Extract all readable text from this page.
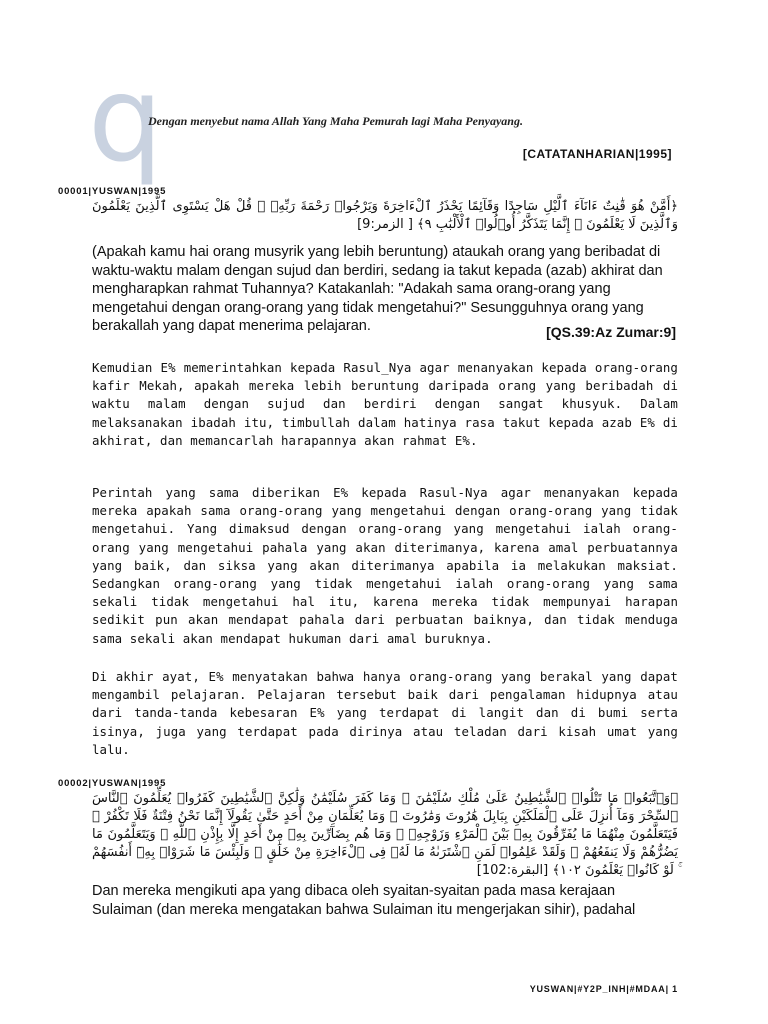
q
Dengan menyebut nama Allah Yang Maha Pemurah lagi Maha Penyayang.
[CATATANHARIAN|1995]
00001|YUSWAN|1995
﴿أَمَّنْ هُوَ قَٰنِتٌ ءَانَآءَ ٱلَّيْلِ سَاجِدًا وَقَآئِمًا يَحْذَرُ ٱلْءَاخِرَةَ وَيَرْجُوا۟ رَحْمَةَ رَبِّهِۦ ۗ قُلْ هَلْ يَسْتَوِى ٱلَّذِينَ يَعْلَمُونَ وَٱلَّذِينَ لَا يَعْلَمُونَ ۗ إِنَّمَا يَتَذَكَّرُ أُو۟لُوا۟ ٱلْأَلْبَٰبِ ٩﴾ [ الزمر:9]
(Apakah kamu hai orang musyrik yang lebih beruntung) ataukah orang yang beribadat di waktu-waktu malam dengan sujud dan berdiri, sedang ia takut kepada (azab) akhirat dan mengharapkan rahmat Tuhannya? Katakanlah: "Adakah sama orang-orang yang mengetahui dengan orang-orang yang tidak mengetahui?" Sesungguhnya orang yang berakallah yang dapat menerima pelajaran.	[QS.39:Az Zumar:9]

Kemudian E% memerintahkan kepada Rasul_Nya agar menanyakan kepada orang-orang kafir Mekah, apakah mereka lebih beruntung daripada orang yang beribadah di waktu malam dengan sujud dan berdiri dengan sangat khusyuk. Dalam melaksanakan ibadah itu, timbullah dalam hatinya rasa takut kepada azab E% di akhirat, dan memancarlah harapannya akan rahmat E%.

Perintah yang sama diberikan E% kepada Rasul-Nya agar menanyakan kepada mereka apakah sama orang-orang yang mengetahui dengan orang-orang yang tidak mengetahui. Yang dimaksud dengan orang-orang yang mengetahui ialah orang-orang yang mengetahui pahala yang akan diterimanya, karena amal perbuatannya yang baik, dan siksa yang akan diterimanya apabila ia melakukan maksiat. Sedangkan orang-orang yang tidak mengetahui ialah orang-orang yang sama sekali tidak mengetahui hal itu, karena mereka tidak mempunyai harapan sedikit pun akan mendapat pahala dari perbuatan baiknya, dan tidak menduga sama sekali akan mendapat hukuman dari amal buruknya.

Di akhir ayat, E% menyatakan bahwa hanya orang-orang yang berakal yang dapat mengambil pelajaran. Pelajaran tersebut baik dari pengalaman hidupnya atau dari tanda-tanda kebesaran E% yang terdapat di langit dan di bumi serta isinya, juga yang terdapat pada dirinya atau teladan dari kisah umat yang lalu.

00002|YUSWAN|1995
﴿وَٱتَّبَعُوا۟ مَا تَتْلُوا۟ ٱلشَّيَٰطِينُ عَلَىٰ مُلْكِ سُلَيْمَٰنَ ۖ وَمَا كَفَرَ سُلَيْمَٰنُ وَلَٰكِنَّ ٱلشَّيَٰطِينَ كَفَرُوا۟ يُعَلِّمُونَ ٱلنَّاسَ ٱلسِّحْرَ وَمَآ أُنزِلَ عَلَى ٱلْمَلَكَيْنِ بِبَابِلَ هَٰرُوتَ وَمَٰرُوتَ ۚ وَمَا يُعَلِّمَانِ مِنْ أَحَدٍ حَتَّىٰ يَقُولَآ إِنَّمَا نَحْنُ فِتْنَةٌ فَلَا تَكْفُرْ ۖ فَيَتَعَلَّمُونَ مِنْهُمَا مَا يُفَرِّقُونَ بِهِۦ بَيْنَ ٱلْمَرْءِ وَزَوْجِهِۦ ۚ وَمَا هُم بِضَآرِّينَ بِهِۦ مِنْ أَحَدٍ إِلَّا بِإِذْنِ ٱللَّهِ ۚ وَيَتَعَلَّمُونَ مَا يَضُرُّهُمْ وَلَا يَنفَعُهُمْ ۚ وَلَقَدْ عَلِمُوا۟ لَمَنِ ٱشْتَرَىٰهُ مَا لَهُۥ فِى ٱلْءَاخِرَةِ مِنْ خَلَٰقٍ ۚ وَلَبِئْسَ مَا شَرَوْا۟ بِهِۦٓ أَنفُسَهُمْ ۚ لَوْ كَانُوا۟ يَعْلَمُونَ ١٠٢﴾ [البقرة:102]
Dan mereka mengikuti apa yang dibaca oleh syaitan-syaitan pada masa kerajaan Sulaiman (dan mereka mengatakan bahwa Sulaiman itu mengerjakan sihir), padahal
YUSWAN|#Y2P_INH|#MDAA| 1
